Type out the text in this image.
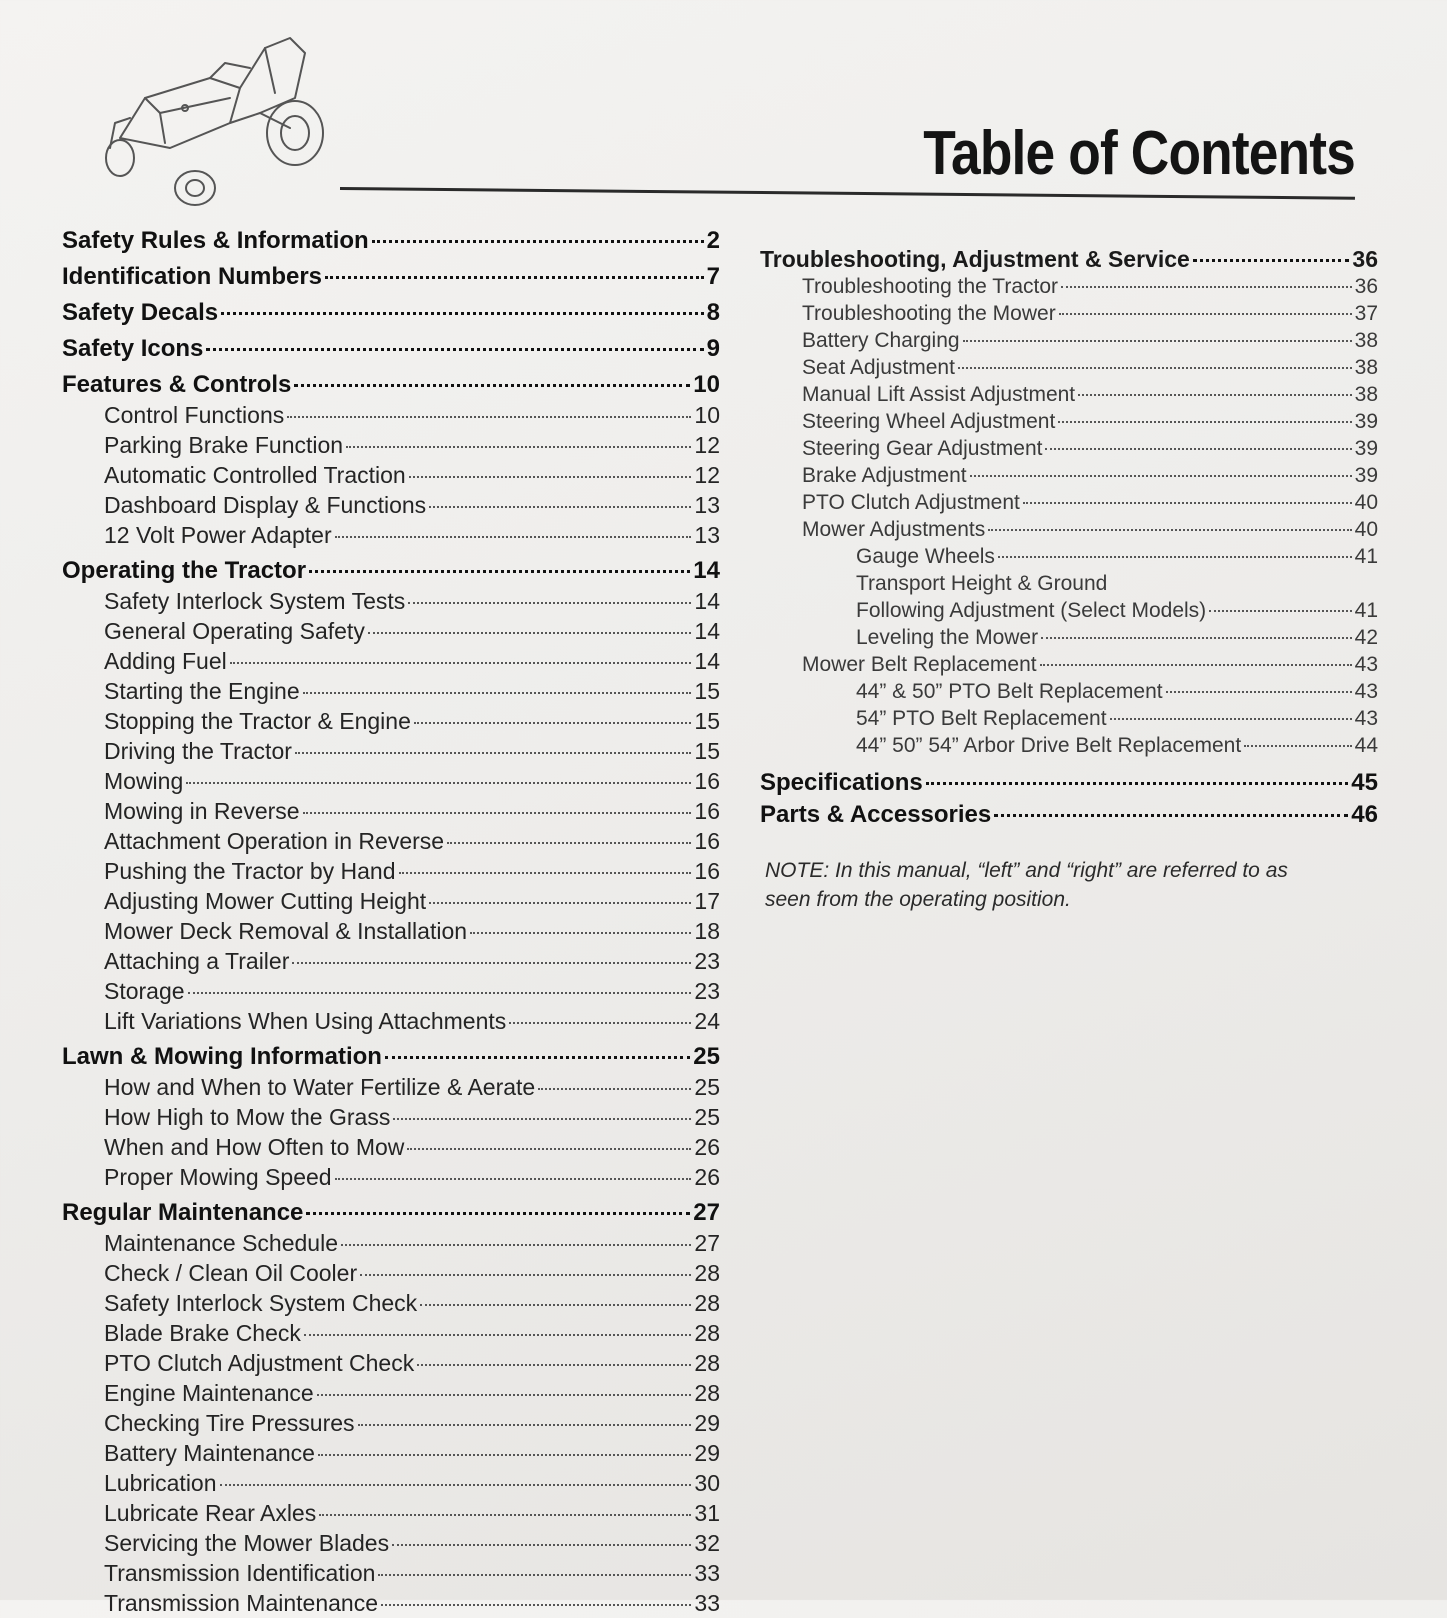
Table of Contents
Safety Rules & Information	2
Identification Numbers	7
Safety Decals	8
Safety Icons	9
Features & Controls	10
Control Functions	10
Parking Brake Function	12
Automatic Controlled Traction	12
Dashboard Display & Functions	13
12 Volt Power Adapter	13
Operating the Tractor	14
Safety Interlock System Tests	14
General Operating Safety	14
Adding Fuel	14
Starting the Engine	15
Stopping the Tractor & Engine	15
Driving the Tractor	15
Mowing	16
Mowing in Reverse	16
Attachment Operation in Reverse	16
Pushing the Tractor by Hand	16
Adjusting Mower Cutting Height	17
Mower Deck Removal & Installation	18
Attaching a Trailer	23
Storage	23
Lift Variations When Using Attachments	24
Lawn & Mowing Information	25
How and When to Water Fertilize & Aerate	25
How High to Mow the Grass	25
When and How Often to Mow	26
Proper Mowing Speed	26
Regular Maintenance	27
Maintenance Schedule	27
Check / Clean Oil Cooler	28
Safety Interlock System Check	28
Blade Brake Check	28
PTO Clutch Adjustment Check	28
Engine Maintenance	28
Checking Tire Pressures	29
Battery Maintenance	29
Lubrication	30
Lubricate Rear Axles	31
Servicing the Mower Blades	32
Transmission Identification	33
Transmission Maintenance	33
Troubleshooting, Adjustment & Service	36
Troubleshooting the Tractor	36
Troubleshooting the Mower	37
Battery Charging	38
Seat Adjustment	38
Manual Lift Assist Adjustment	38
Steering Wheel Adjustment	39
Steering Gear Adjustment	39
Brake Adjustment	39
PTO Clutch Adjustment	40
Mower Adjustments	40
Gauge Wheels	41
Transport Height & Ground
Following Adjustment (Select Models)	41
Leveling the Mower	42
Mower Belt Replacement	43
44” & 50” PTO Belt Replacement	43
54” PTO Belt Replacement	43
44” 50” 54” Arbor Drive Belt Replacement	44
Specifications	45
Parts & Accessories	46

NOTE: In this manual, “left” and “right” are referred to as
seen from the operating position.
